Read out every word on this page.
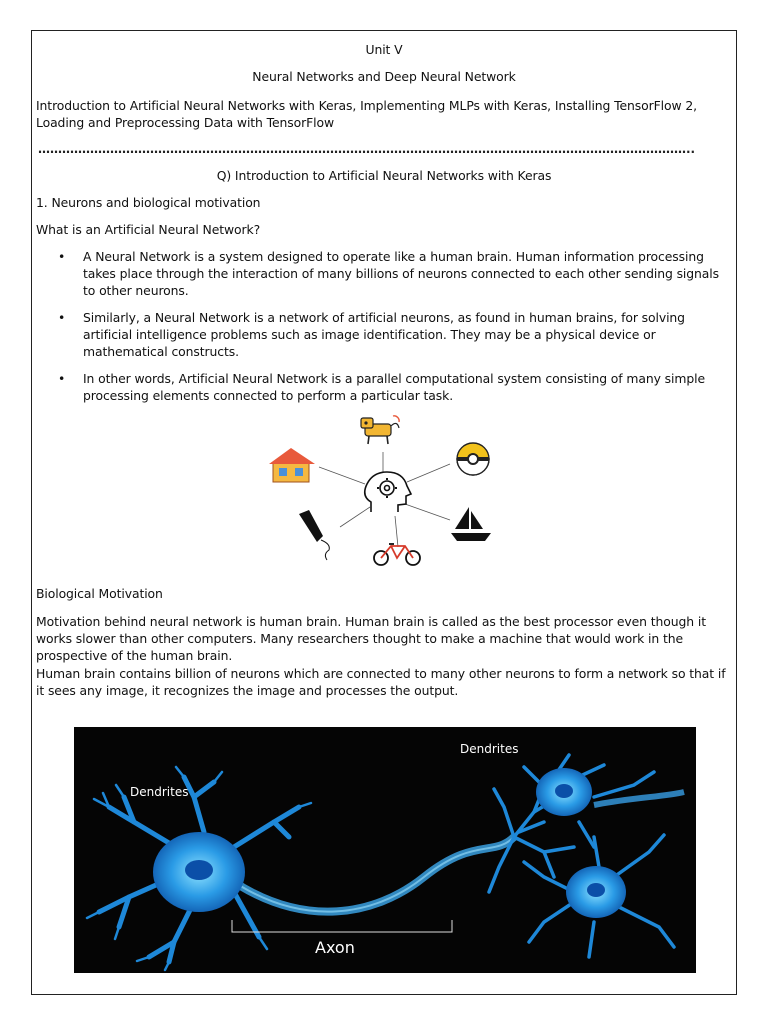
Unit V
Neural Networks and Deep Neural Network
Introduction to Artificial Neural Networks with Keras, Implementing MLPs with Keras, Installing TensorFlow 2, Loading and Preprocessing Data with TensorFlow
………………………………………………………………………………………………………………………………………………..
Q) Introduction to Artificial Neural Networks with Keras
1. Neurons and biological motivation
What is an Artificial Neural Network?
• A Neural Network is a system designed to operate like a human brain. Human information processing takes place through the interaction of many billions of neurons connected to each other sending signals to other neurons.
• Similarly, a Neural Network is a network of artificial neurons, as found in human brains, for solving artificial intelligence problems such as image identification. They may be a physical device or mathematical constructs.
• In other words, Artificial Neural Network is a parallel computational system consisting of many simple processing elements connected to perform a particular task.
Biological Motivation
Motivation behind neural network is human brain. Human brain is called as the best processor even though it works slower than other computers. Many researchers thought to make a machine that would work in the prospective of the human brain.
Human brain contains billion of neurons which are connected to many other neurons to form a network so that if it sees any image, it recognizes the image and processes the output.
Dendrites
Dendrites
Axon
